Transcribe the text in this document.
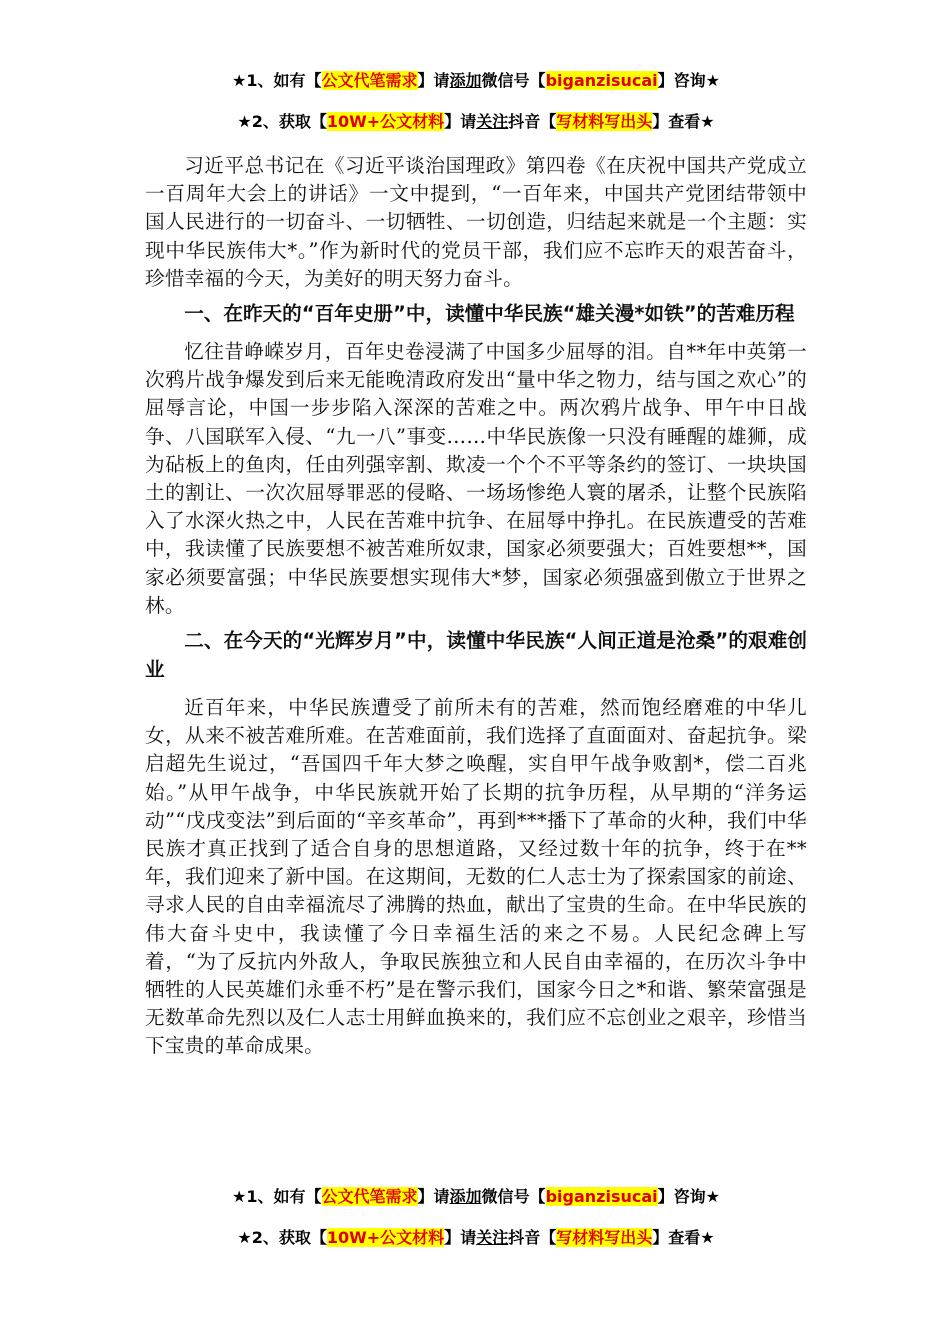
★1、如有【公文代笔需求】请添加微信号【biganzisucai】咨询★
★2、获取【10W+公文材料】请关注抖音【写材料写出头】查看★

习近平总书记在《习近平谈治国理政》第四卷《在庆祝中国共产党成立一百周年大会上的讲话》一文中提到，“一百年来，中国共产党团结带领中国人民进行的一切奋斗、一切牺牲、一切创造，归结起来就是一个主题：实现中华民族伟大*。”作为新时代的党员干部，我们应不忘昨天的艰苦奋斗，珍惜幸福的今天，为美好的明天努力奋斗。

一、在昨天的“百年史册”中，读懂中华民族“雄关漫*如铁”的苦难历程

忆往昔峥嵘岁月，百年史卷浸满了中国多少屈辱的泪。自**年中英第一次鸦片战争爆发到后来无能晚清政府发出“量中华之物力，结与国之欢心”的屈辱言论，中国一步步陷入深深的苦难之中。两次鸦片战争、甲午中日战争、八国联军入侵、“九一八”事变……中华民族像一只没有睡醒的雄狮，成为砧板上的鱼肉，任由列强宰割、欺凌一个个不平等条约的签订、一块块国土的割让、一次次屈辱罪恶的侵略、一场场惨绝人寰的屠杀，让整个民族陷入了水深火热之中，人民在苦难中抗争、在屈辱中挣扎。在民族遭受的苦难中，我读懂了民族要想不被苦难所奴隶，国家必须要强大；百姓要想**，国家必须要富强；中华民族要想实现伟大*梦，国家必须强盛到傲立于世界之林。

二、在今天的“光辉岁月”中，读懂中华民族“人间正道是沧桑”的艰难创业

近百年来，中华民族遭受了前所未有的苦难，然而饱经磨难的中华儿女，从来不被苦难所难。在苦难面前，我们选择了直面面对、奋起抗争。梁启超先生说过，“吾国四千年大梦之唤醒，实自甲午战争败割*，偿二百兆始。”从甲午战争，中华民族就开始了长期的抗争历程，从早期的“洋务运动”“戊戌变法”到后面的“辛亥革命”，再到***播下了革命的火种，我们中华民族才真正找到了适合自身的思想道路，又经过数十年的抗争，终于在**年，我们迎来了新中国。在这期间，无数的仁人志士为了探索国家的前途、寻求人民的自由幸福流尽了沸腾的热血，献出了宝贵的生命。在中华民族的伟大奋斗史中，我读懂了今日幸福生活的来之不易。人民纪念碑上写着，“为了反抗内外敌人，争取民族独立和人民自由幸福的，在历次斗争中牺牲的人民英雄们永垂不朽”是在警示我们，国家今日之*和谐、繁荣富强是无数革命先烈以及仁人志士用鲜血换来的，我们应不忘创业之艰辛，珍惜当下宝贵的革命成果。

★1、如有【公文代笔需求】请添加微信号【biganzisucai】咨询★
★2、获取【10W+公文材料】请关注抖音【写材料写出头】查看★
